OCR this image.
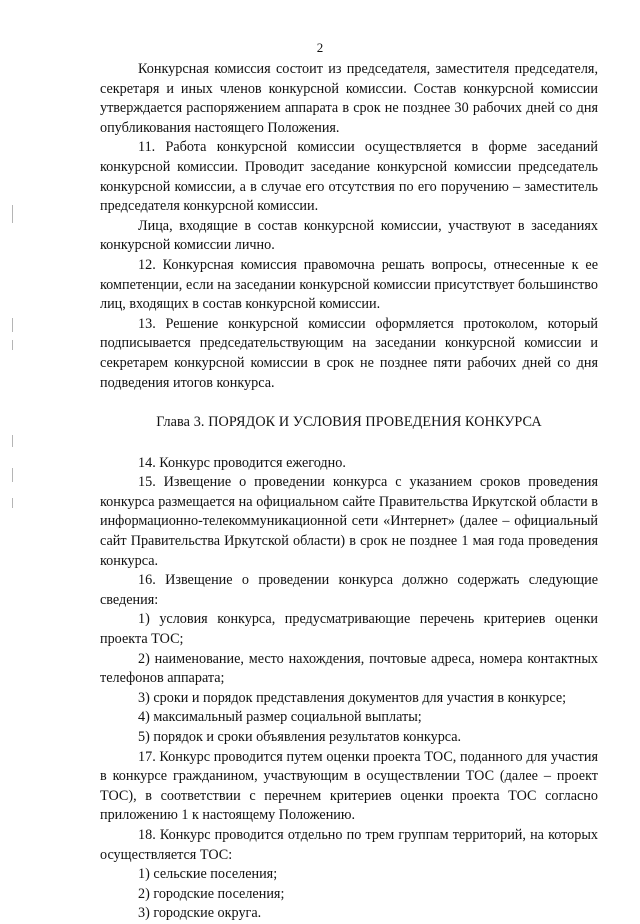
2

Конкурсная комиссия состоит из председателя, заместителя председателя, секретаря и иных членов конкурсной комиссии. Состав конкурсной комиссии утверждается распоряжением аппарата в срок не позднее 30 рабочих дней со дня опубликования настоящего Положения.

11. Работа конкурсной комиссии осуществляется в форме заседаний конкурсной комиссии. Проводит заседание конкурсной комиссии председатель конкурсной комиссии, а в случае его отсутствия по его поручению – заместитель председателя конкурсной комиссии.

Лица, входящие в состав конкурсной комиссии, участвуют в заседаниях конкурсной комиссии лично.

12. Конкурсная комиссия правомочна решать вопросы, отнесенные к ее компетенции, если на заседании конкурсной комиссии присутствует большинство лиц, входящих в состав конкурсной комиссии.

13. Решение конкурсной комиссии оформляется протоколом, который подписывается председательствующим на заседании конкурсной комиссии и секретарем конкурсной комиссии в срок не позднее пяти рабочих дней со дня подведения итогов конкурса.

Глава 3. ПОРЯДОК И УСЛОВИЯ ПРОВЕДЕНИЯ КОНКУРСА

14. Конкурс проводится ежегодно.

15. Извещение о проведении конкурса с указанием сроков проведения конкурса размещается на официальном сайте Правительства Иркутской области в информационно-телекоммуникационной сети «Интернет» (далее – официальный сайт Правительства Иркутской области) в срок не позднее 1 мая года проведения конкурса.

16. Извещение о проведении конкурса должно содержать следующие сведения:

1) условия конкурса, предусматривающие перечень критериев оценки проекта ТОС;

2) наименование, место нахождения, почтовые адреса, номера контактных телефонов аппарата;

3) сроки и порядок представления документов для участия в конкурсе;

4) максимальный размер социальной выплаты;

5) порядок и сроки объявления результатов конкурса.

17. Конкурс проводится путем оценки проекта ТОС, поданного для участия в конкурсе гражданином, участвующим в осуществлении ТОС (далее – проект ТОС), в соответствии с перечнем критериев оценки проекта ТОС согласно приложению 1 к настоящему Положению.

18. Конкурс проводится отдельно по трем группам территорий, на которых осуществляется ТОС:

1) сельские поселения;

2) городские поселения;

3) городские округа.
